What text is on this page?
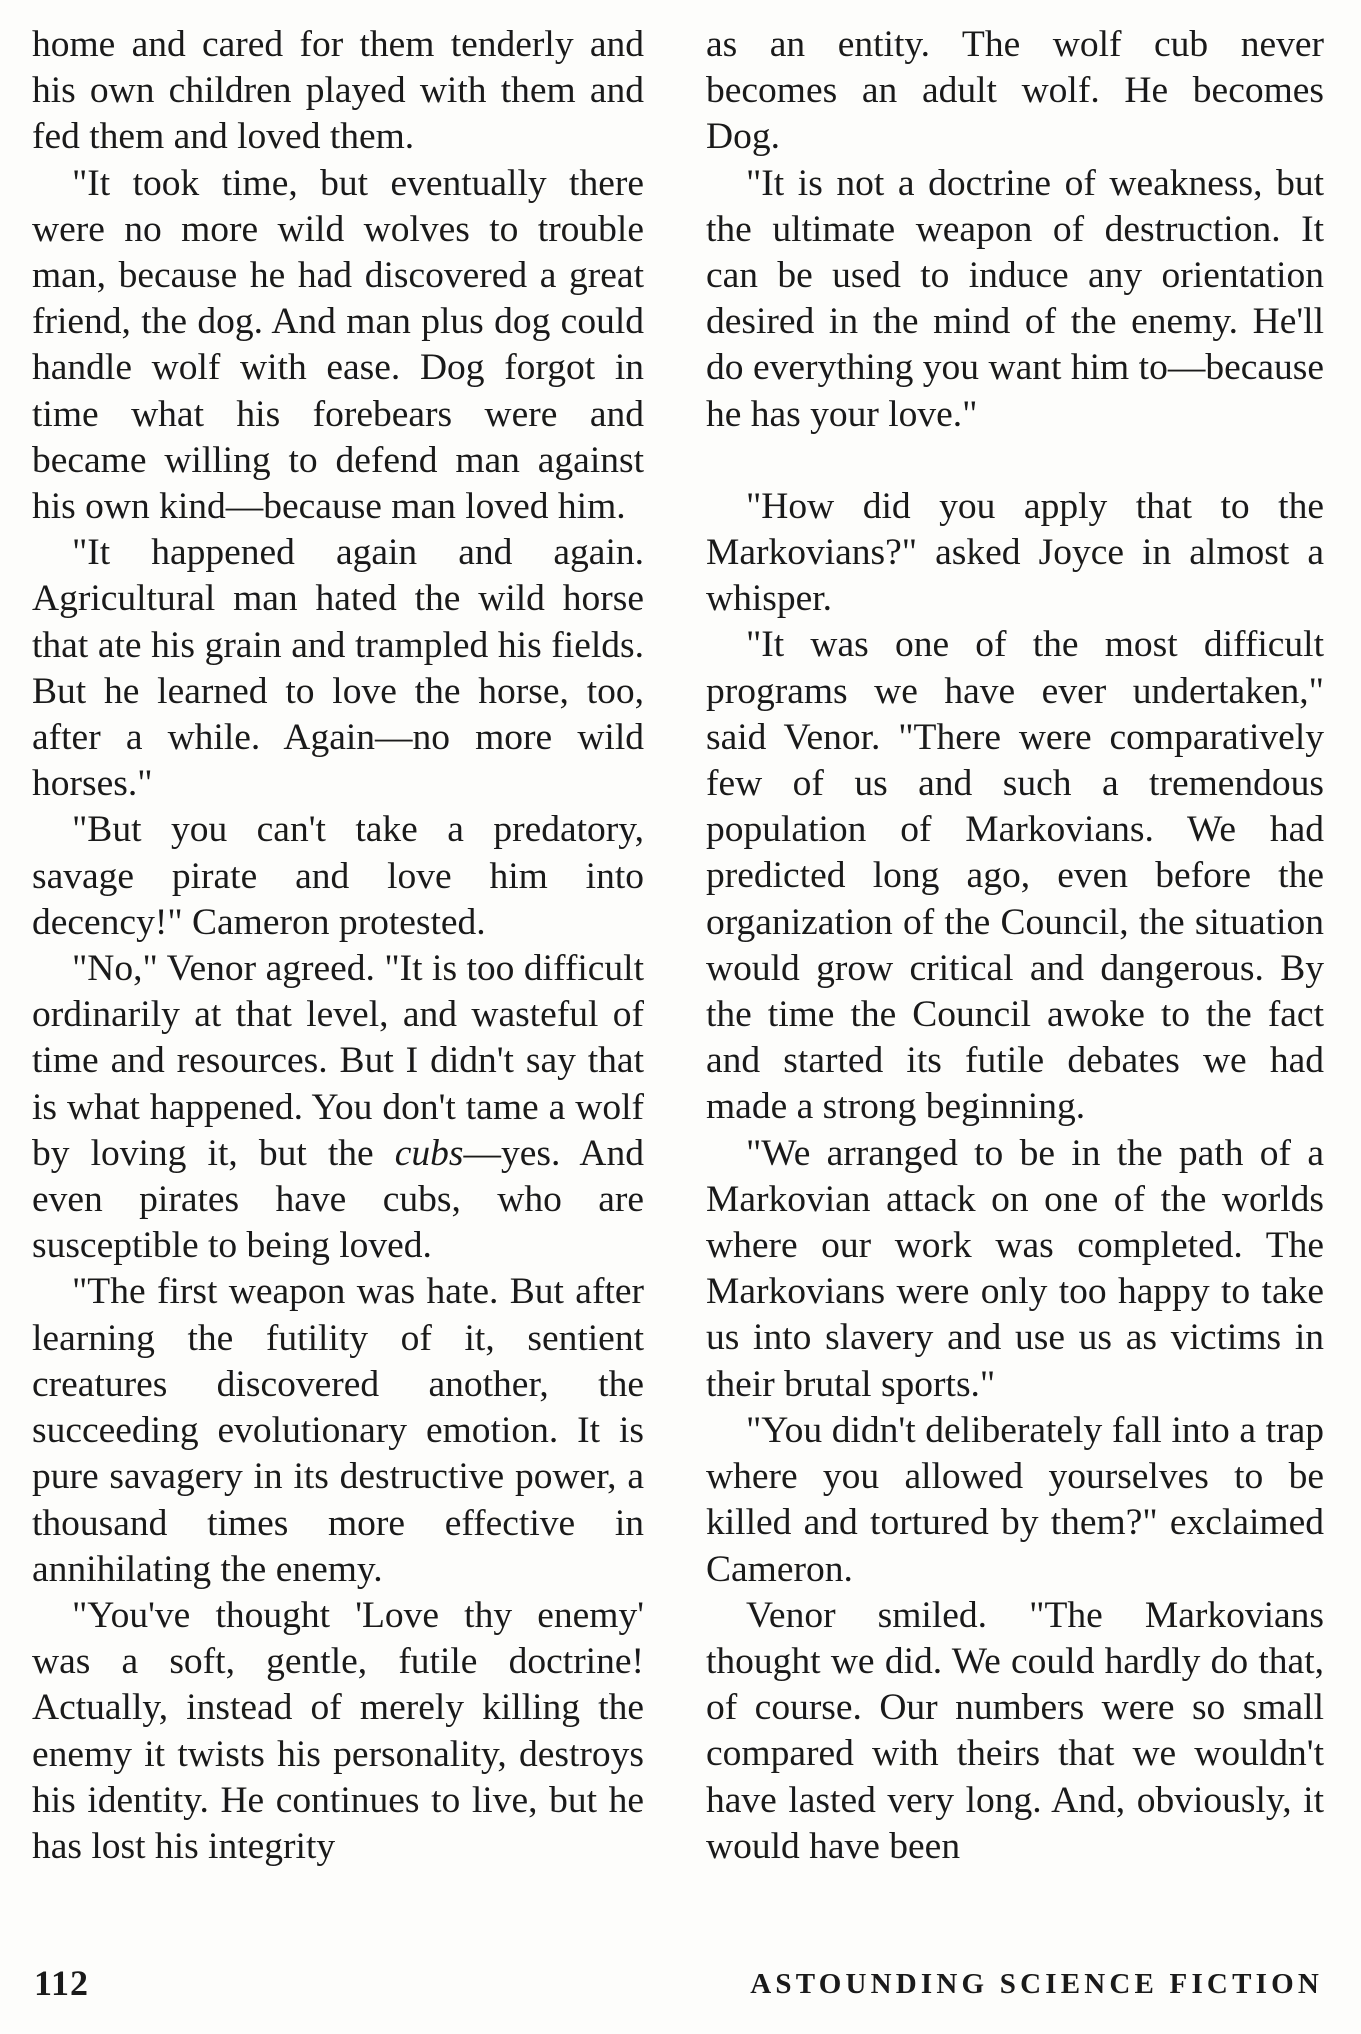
home and cared for them tenderly and his own children played with them and fed them and loved them.

"It took time, but eventually there were no more wild wolves to trouble man, because he had discovered a great friend, the dog. And man plus dog could handle wolf with ease. Dog forgot in time what his forebears were and became willing to defend man against his own kind—because man loved him.

"It happened again and again. Agricultural man hated the wild horse that ate his grain and trampled his fields. But he learned to love the horse, too, after a while. Again—no more wild horses."

"But you can't take a predatory, savage pirate and love him into decency!" Cameron protested.

"No," Venor agreed. "It is too difficult ordinarily at that level, and wasteful of time and resources. But I didn't say that is what happened. You don't tame a wolf by loving it, but the cubs—yes. And even pirates have cubs, who are susceptible to being loved.

"The first weapon was hate. But after learning the futility of it, sentient creatures discovered another, the succeeding evolutionary emotion. It is pure savagery in its destructive power, a thousand times more effective in annihilating the enemy.

"You've thought 'Love thy enemy' was a soft, gentle, futile doctrine! Actually, instead of merely killing the enemy it twists his personality, destroys his identity. He continues to live, but he has lost his integrity

as an entity. The wolf cub never becomes an adult wolf. He becomes Dog.

"It is not a doctrine of weakness, but the ultimate weapon of destruction. It can be used to induce any orientation desired in the mind of the enemy. He'll do everything you want him to—because he has your love."

"How did you apply that to the Markovians?" asked Joyce in almost a whisper.

"It was one of the most difficult programs we have ever undertaken," said Venor. "There were comparatively few of us and such a tremendous population of Markovians. We had predicted long ago, even before the organization of the Council, the situation would grow critical and dangerous. By the time the Council awoke to the fact and started its futile debates we had made a strong beginning.

"We arranged to be in the path of a Markovian attack on one of the worlds where our work was completed. The Markovians were only too happy to take us into slavery and use us as victims in their brutal sports."

"You didn't deliberately fall into a trap where you allowed yourselves to be killed and tortured by them?" exclaimed Cameron.

Venor smiled. "The Markovians thought we did. We could hardly do that, of course. Our numbers were so small compared with theirs that we wouldn't have lasted very long. And, obviously, it would have been

112	ASTOUNDING SCIENCE FICTION
